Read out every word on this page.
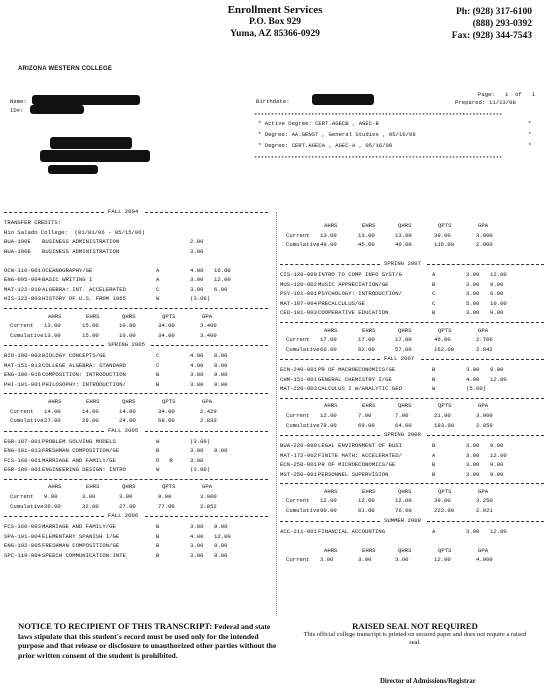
Enrollment Services
P.O. Box 929
Yuma, AZ 85366-0929
Ph: (928) 317-6100
(888) 293-0392
Fax: (928) 344-7543
ARIZONA WESTERN COLLEGE
Name:
ID#:
Birthdate:
Page: 1  of   1
Prepared: 11/13/08
**************************************************************************
* Active Degree: CERT.AGECB , AGEC-B	*
* Degree: AA.GENST , General Studies , 05/16/08	*
* Degree: CERT.AGECA , AGEC-A , 05/16/08	*
**************************************************************************
FALL 2004
TRANSFER CREDITS:
Rio Salado College:  (01/01/06 - 05/15/06)
BUA-100E BUSINESS ADMINISTRATION	2.00
BUA-100E BUSINESS ADMINISTRATION	3.00
OCN-110-001 OCEANOGRAPHY/GE	A	4.00 16.00
ENG-095-004 BASIC WRITING I	A	3.00 12.00
MAT-122-010 ALGEBRA: INT. ACCELERATED	C	3.00 6.00
HIS-122-003 HISTORY OF U.S. FROM 1865	W	(3.00)
AHRS	EHRS	QHRS	QPTS	GPA
Current 13.00	15.00	10.00	34.00	3.400
Cumulative 13.00	15.00	10.00	34.00	3.400
SPRING 2005
BIO-100-003 BIOLOGY CONCEPTS/GE	C	4.00 8.00
MAT-151-013 COLLEGE ALGEBRA: STANDARD	C	4.00 8.00
ENG-100-016 COMPOSITION: INTRODUCTION	B	3.00 9.00
PHI-101-001 PHILOSOPHY: INTRODUCTION/	B	3.00 9.00
AHRS	EHRS	QHRS	QPTS	GPA
Current 14.00	14.00	14.00	34.00	2.429
Cumulative 27.00	29.00	24.00	68.00	2.833
FALL 2005
EGR-187-001 PROBLEM SOLVING MODELS	W	(3.00)
ENG-101-013 FRESHMAN COMPOSITION/GE	B	3.00 9.00
FCS-160-001 MARRIAGE AND FAMILY/GE	D   R	3.00
EGR-186-001 ENGINEERING DESIGN: INTRO	W	(3.00)
AHRS	EHRS	QHRS	QPTS	GPA
Current 9.00	3.00	3.00	9.00	3.000
Cumulative 36.00	32.00	27.00	77.00	2.852
FALL 2006
FCS-160-003 MARRIAGE AND FAMILY/GE	B	3.00 9.00
SPA-101-004 ELEMENTARY SPANISH I/GE	B	4.00 12.00
ENG-102-005 FRESHMAN COMPOSITION/GE	B	3.00 9.00
SPC-119-004 SPEECH COMMUNICATION:INTE	B	3.00 9.00
AHRS	EHRS	QHRS	QPTS	GPA
Current 13.00	13.00	13.00	39.00	3.000
Cumulative 49.00	45.00	40.00	116.00	2.900
SPRING 2007
CIS-120-009 INTRO TO COMP INFO SYST/G	A	3.00 12.00
MUS-120-002 MUSIC APPRECIATION/GE	B	3.00 9.00
PSY-101-001 PSYCHOLOGY: INTRODUCTION/	C	3.00 6.00
MAT-187-004 PRECALCULUS/GE	C	5.00 10.00
CED-101-003 COOPERATIVE EDUCATION	B	3.00 9.00
AHRS	EHRS	QHRS	QPTS	GPA
Current 17.00	17.00	17.00	46.00	2.706
Cumulative 66.00	62.00	57.00	162.00	2.842
FALL 2007
ECN-240-001 PR OF MACROECONOMICS/GE	B	3.00 9.00
CHM-151-001 GENERAL CHEMISTRY I/GE	B	4.00 12.00
MAT-220-003 CALCULUS I W/ANALYTIC GEO	W	(5.00)
AHRS	EHRS	QHRS	QPTS	GPA
Current 12.00	7.00	7.00	21.00	3.000
Cumulative 78.00	69.00	64.00	183.00	2.859
SPRING 2008
BUA-220-000 LEGAL ENVIRONMENT OF BUSI	B	3.00 9.00
MAT-172-002 FINITE MATH: ACCELERATED/	A	3.00 12.00
ECN-250-001 PR OF MICROECONOMICS/GE	B	3.00 9.00
MGT-250-001 PERSONNEL SUPERVISION	B	3.00 9.00
AHRS	EHRS	QHRS	QPTS	GPA
Current 12.00	12.00	12.00	39.00	3.250
Cumulative 90.00	81.00	76.00	222.00	2.921
SUMMER 2008
ACC-211-001 FINANCIAL ACCOUNTING	A	3.00 12.00
AHRS	EHRS	QHRS	QPTS	GPA
Current 3.00	3.00	3.00	12.00	4.000
NOTICE TO RECIPIENT OF THIS TRANSCRIPT: Federal and state laws stipulate that this student's record must be used only for the intended purpose and that release or disclosure to unauthorized other parties without the prior written consent of the student is prohibited.
RAISED SEAL NOT REQUIRED
This official college transcript is printed on secured paper and does not require a raised seal.
Director of Admissions/Registrar
